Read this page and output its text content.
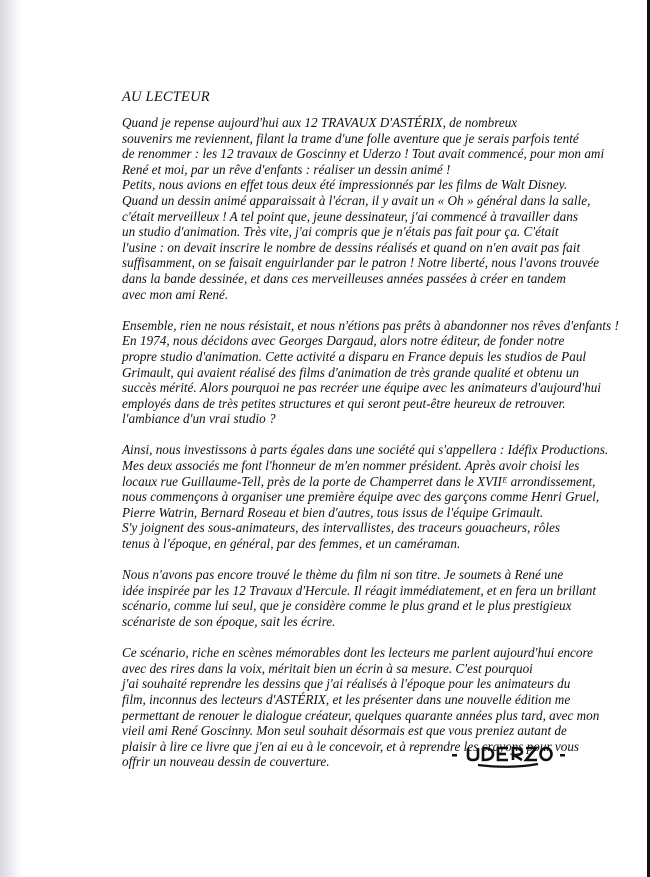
AU LECTEUR
Quand je repense aujourd'hui aux 12 TRAVAUX D'ASTÉRIX, de nombreux
souvenirs me reviennent, filant la trame d'une folle aventure que je serais parfois tenté
de renommer : les 12 travaux de Goscinny et Uderzo ! Tout avait commencé, pour mon ami
René et moi, par un rêve d'enfants : réaliser un dessin animé !
Petits, nous avions en effet tous deux été impressionnés par les films de Walt Disney.
Quand un dessin animé apparaissait à l'écran, il y avait un « Oh » général dans la salle,
c'était merveilleux ! A tel point que, jeune dessinateur, j'ai commencé à travailler dans
un studio d'animation. Très vite, j'ai compris que je n'étais pas fait pour ça. C'était
l'usine : on devait inscrire le nombre de dessins réalisés et quand on n'en avait pas fait
suffisamment, on se faisait enguirlander par le patron ! Notre liberté, nous l'avons trouvée
dans la bande dessinée, et dans ces merveilleuses années passées à créer en tandem
avec mon ami René.
Ensemble, rien ne nous résistait, et nous n'étions pas prêts à abandonner nos rêves d'enfants !
En 1974, nous décidons avec Georges Dargaud, alors notre éditeur, de fonder notre
propre studio d'animation. Cette activité a disparu en France depuis les studios de Paul
Grimault, qui avaient réalisé des films d'animation de très grande qualité et obtenu un
succès mérité. Alors pourquoi ne pas recréer une équipe avec les animateurs d'aujourd'hui
employés dans de très petites structures et qui seront peut-être heureux de retrouver.
l'ambiance d'un vrai studio ?
Ainsi, nous investissons à parts égales dans une société qui s'appellera : Idéfix Productions.
Mes deux associés me font l'honneur de m'en nommer président. Après avoir choisi les
locaux rue Guillaume-Tell, près de la porte de Champerret dans le XVIIᴱ arrondissement,
nous commençons à organiser une première équipe avec des garçons comme Henri Gruel,
Pierre Watrin, Bernard Roseau et bien d'autres, tous issus de l'équipe Grimault.
S'y joignent des sous-animateurs, des intervallistes, des traceurs gouacheurs, rôles
tenus à l'époque, en général, par des femmes, et un caméraman.
Nous n'avons pas encore trouvé le thème du film ni son titre. Je soumets à René une
idée inspirée par les 12 Travaux d'Hercule. Il réagit immédiatement, et en fera un brillant
scénario, comme lui seul, que je considère comme le plus grand et le plus prestigieux
scénariste de son époque, sait les écrire.
Ce scénario, riche en scènes mémorables dont les lecteurs me parlent aujourd'hui encore
avec des rires dans la voix, méritait bien un écrin à sa mesure. C'est pourquoi
j'ai souhaité reprendre les dessins que j'ai réalisés à l'époque pour les animateurs du
film, inconnus des lecteurs d'ASTÉRIX, et les présenter dans une nouvelle édition me
permettant de renouer le dialogue créateur, quelques quarante années plus tard, avec mon
vieil ami René Goscinny. Mon seul souhait désormais est que vous preniez autant de
plaisir à lire ce livre que j'en ai eu à le concevoir, et à reprendre les crayons pour vous
offrir un nouveau dessin de couverture.
